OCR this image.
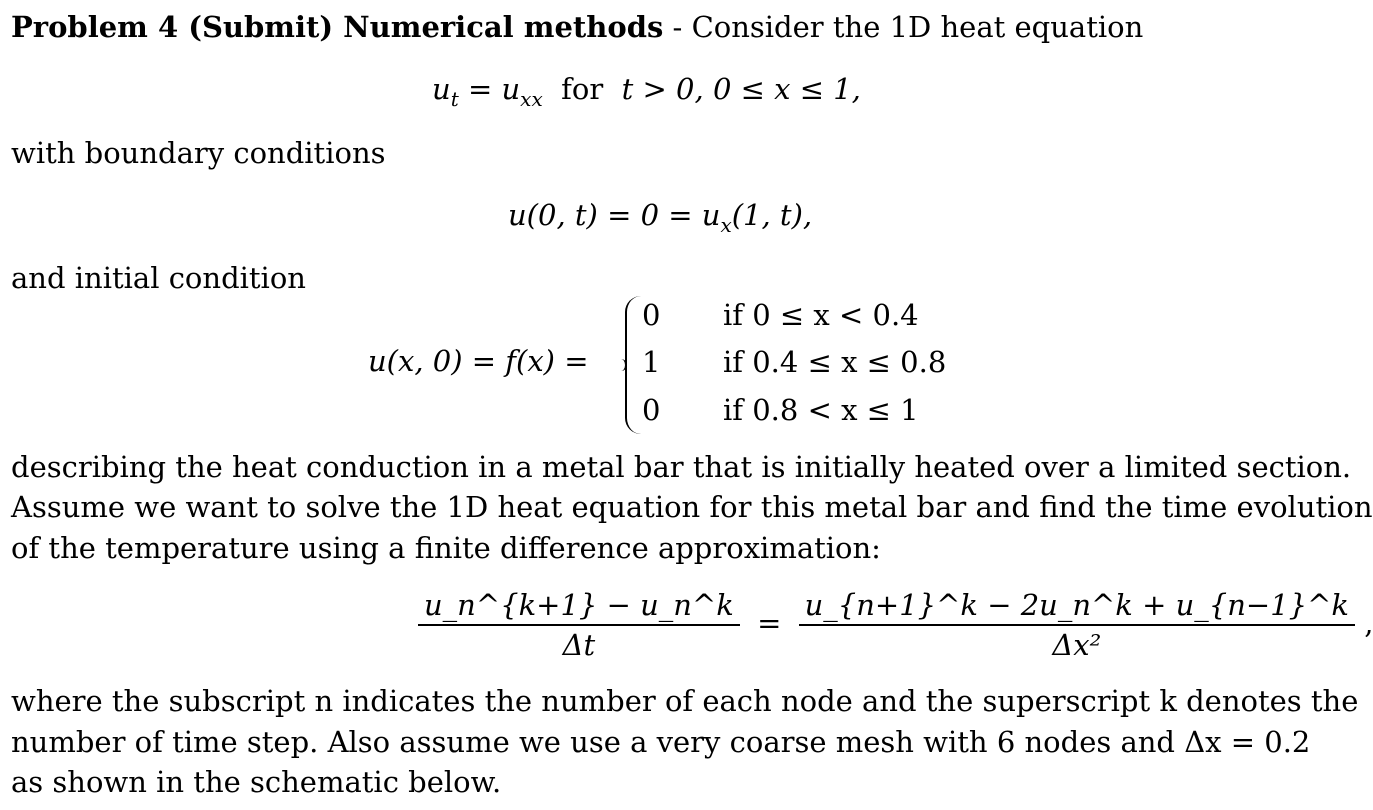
Problem 4 (Submit) Numerical methods - Consider the 1D heat equation
$u_t = u_{xx}$ for t > 0, 0 ≤ x ≤ 1,
with boundary conditions
u(0, $t) = 0 = u_x(1$, t),
and initial condition
u(x, 0) = f(x) =
0 if 0 ≤ x < 0.4
1 if 0.4 ≤ x ≤ 0.8
0 if 0.8 < x ≤ 1
describing the heat conduction in a metal bar that is initially heated over a limited section.
Assume we want to solve the 1D heat equation for this metal bar and find the time evolution
of the temperature using a finite difference approximation:
$\frac{u\_n\^{}\{k+1\} - u\_n\^{}k}{\Delta t} = \frac{u\_\{n+1\}\^{}k - 2u\_n\^{}k + u\_\{n-1\}\^{}k}{\text{Δx²}}$ ,
where the subscript n indicates the number of each node and the superscript k denotes the
number of time step. Also assume we use a very coarse mesh with 6 nodes and Δx = 0.2
as shown in the schematic below.
